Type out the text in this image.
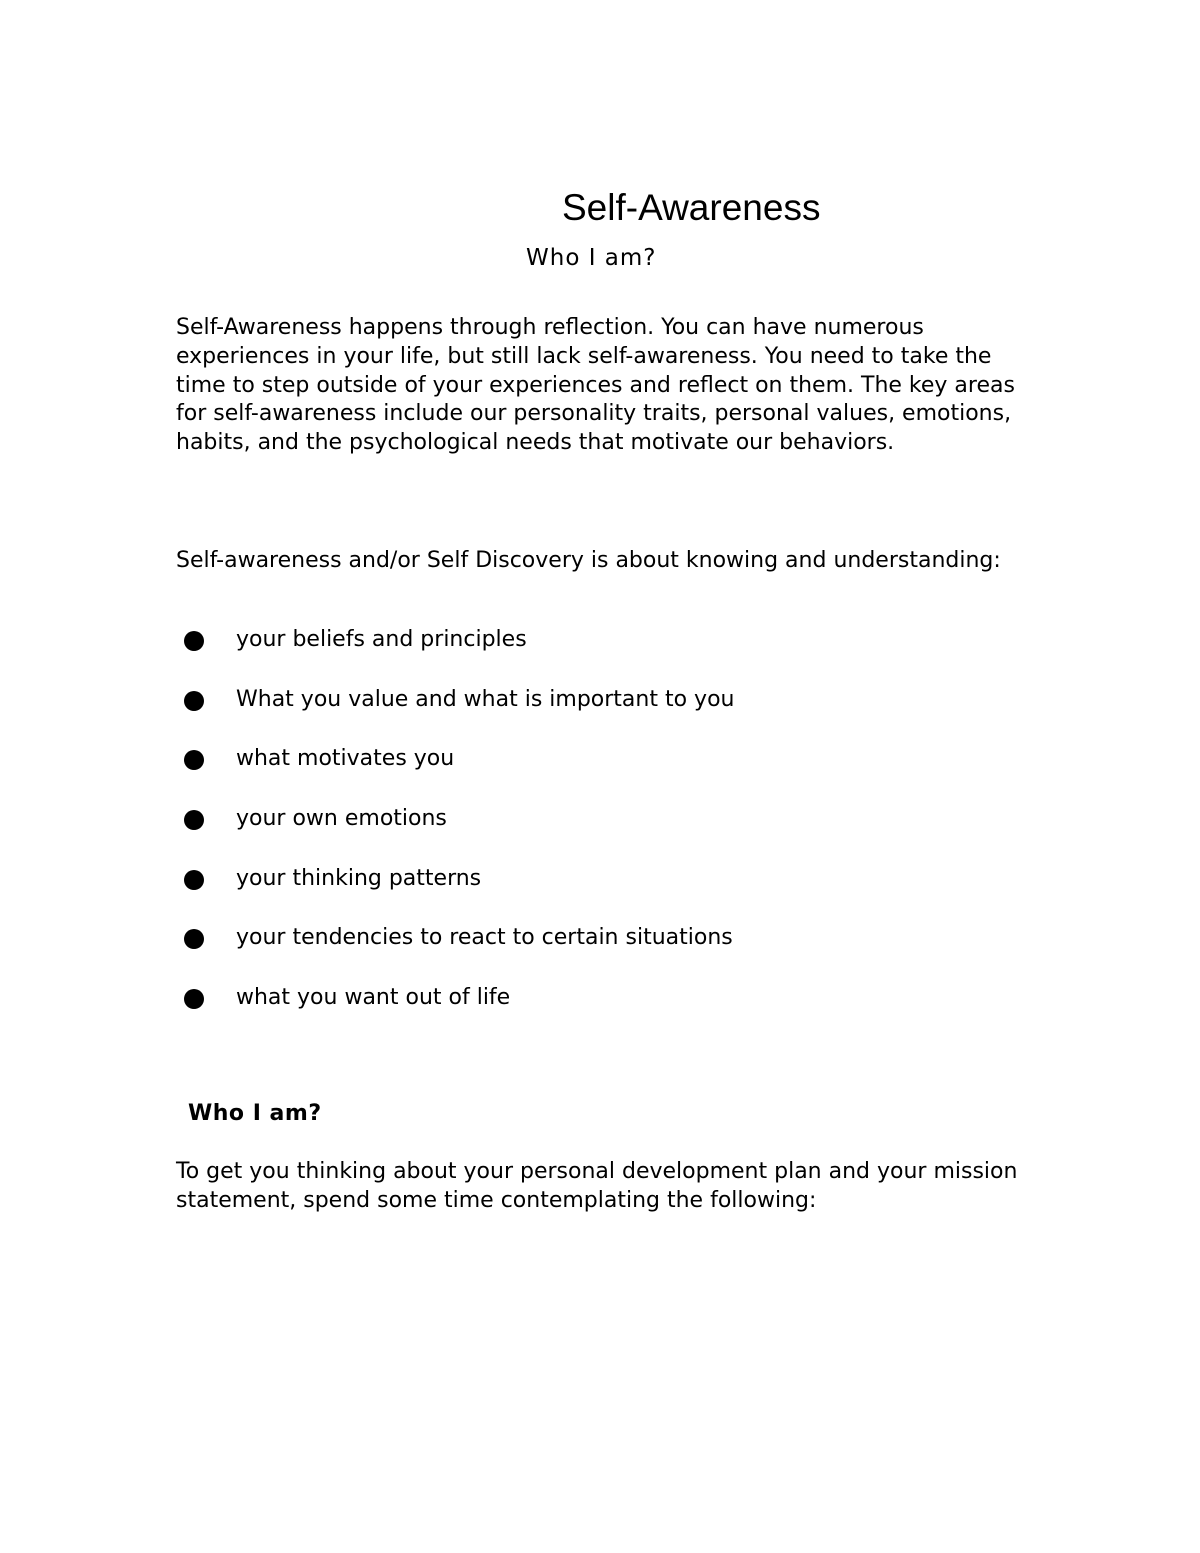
Self-Awareness
Who I am?

Self-Awareness happens through reflection. You can have numerous experiences in your life, but still lack self-awareness. You need to take the time to step outside of your experiences and reflect on them. The key areas for self-awareness include our personality traits, personal values, emotions, habits, and the psychological needs that motivate our behaviors.

Self-awareness and/or Self Discovery is about knowing and understanding:

your beliefs and principles
What you value and what is important to you
what motivates you
your own emotions
your thinking patterns
your tendencies to react to certain situations
what you want out of life
Who I am?

To get you thinking about your personal development plan and your mission statement, spend some time contemplating the following:
